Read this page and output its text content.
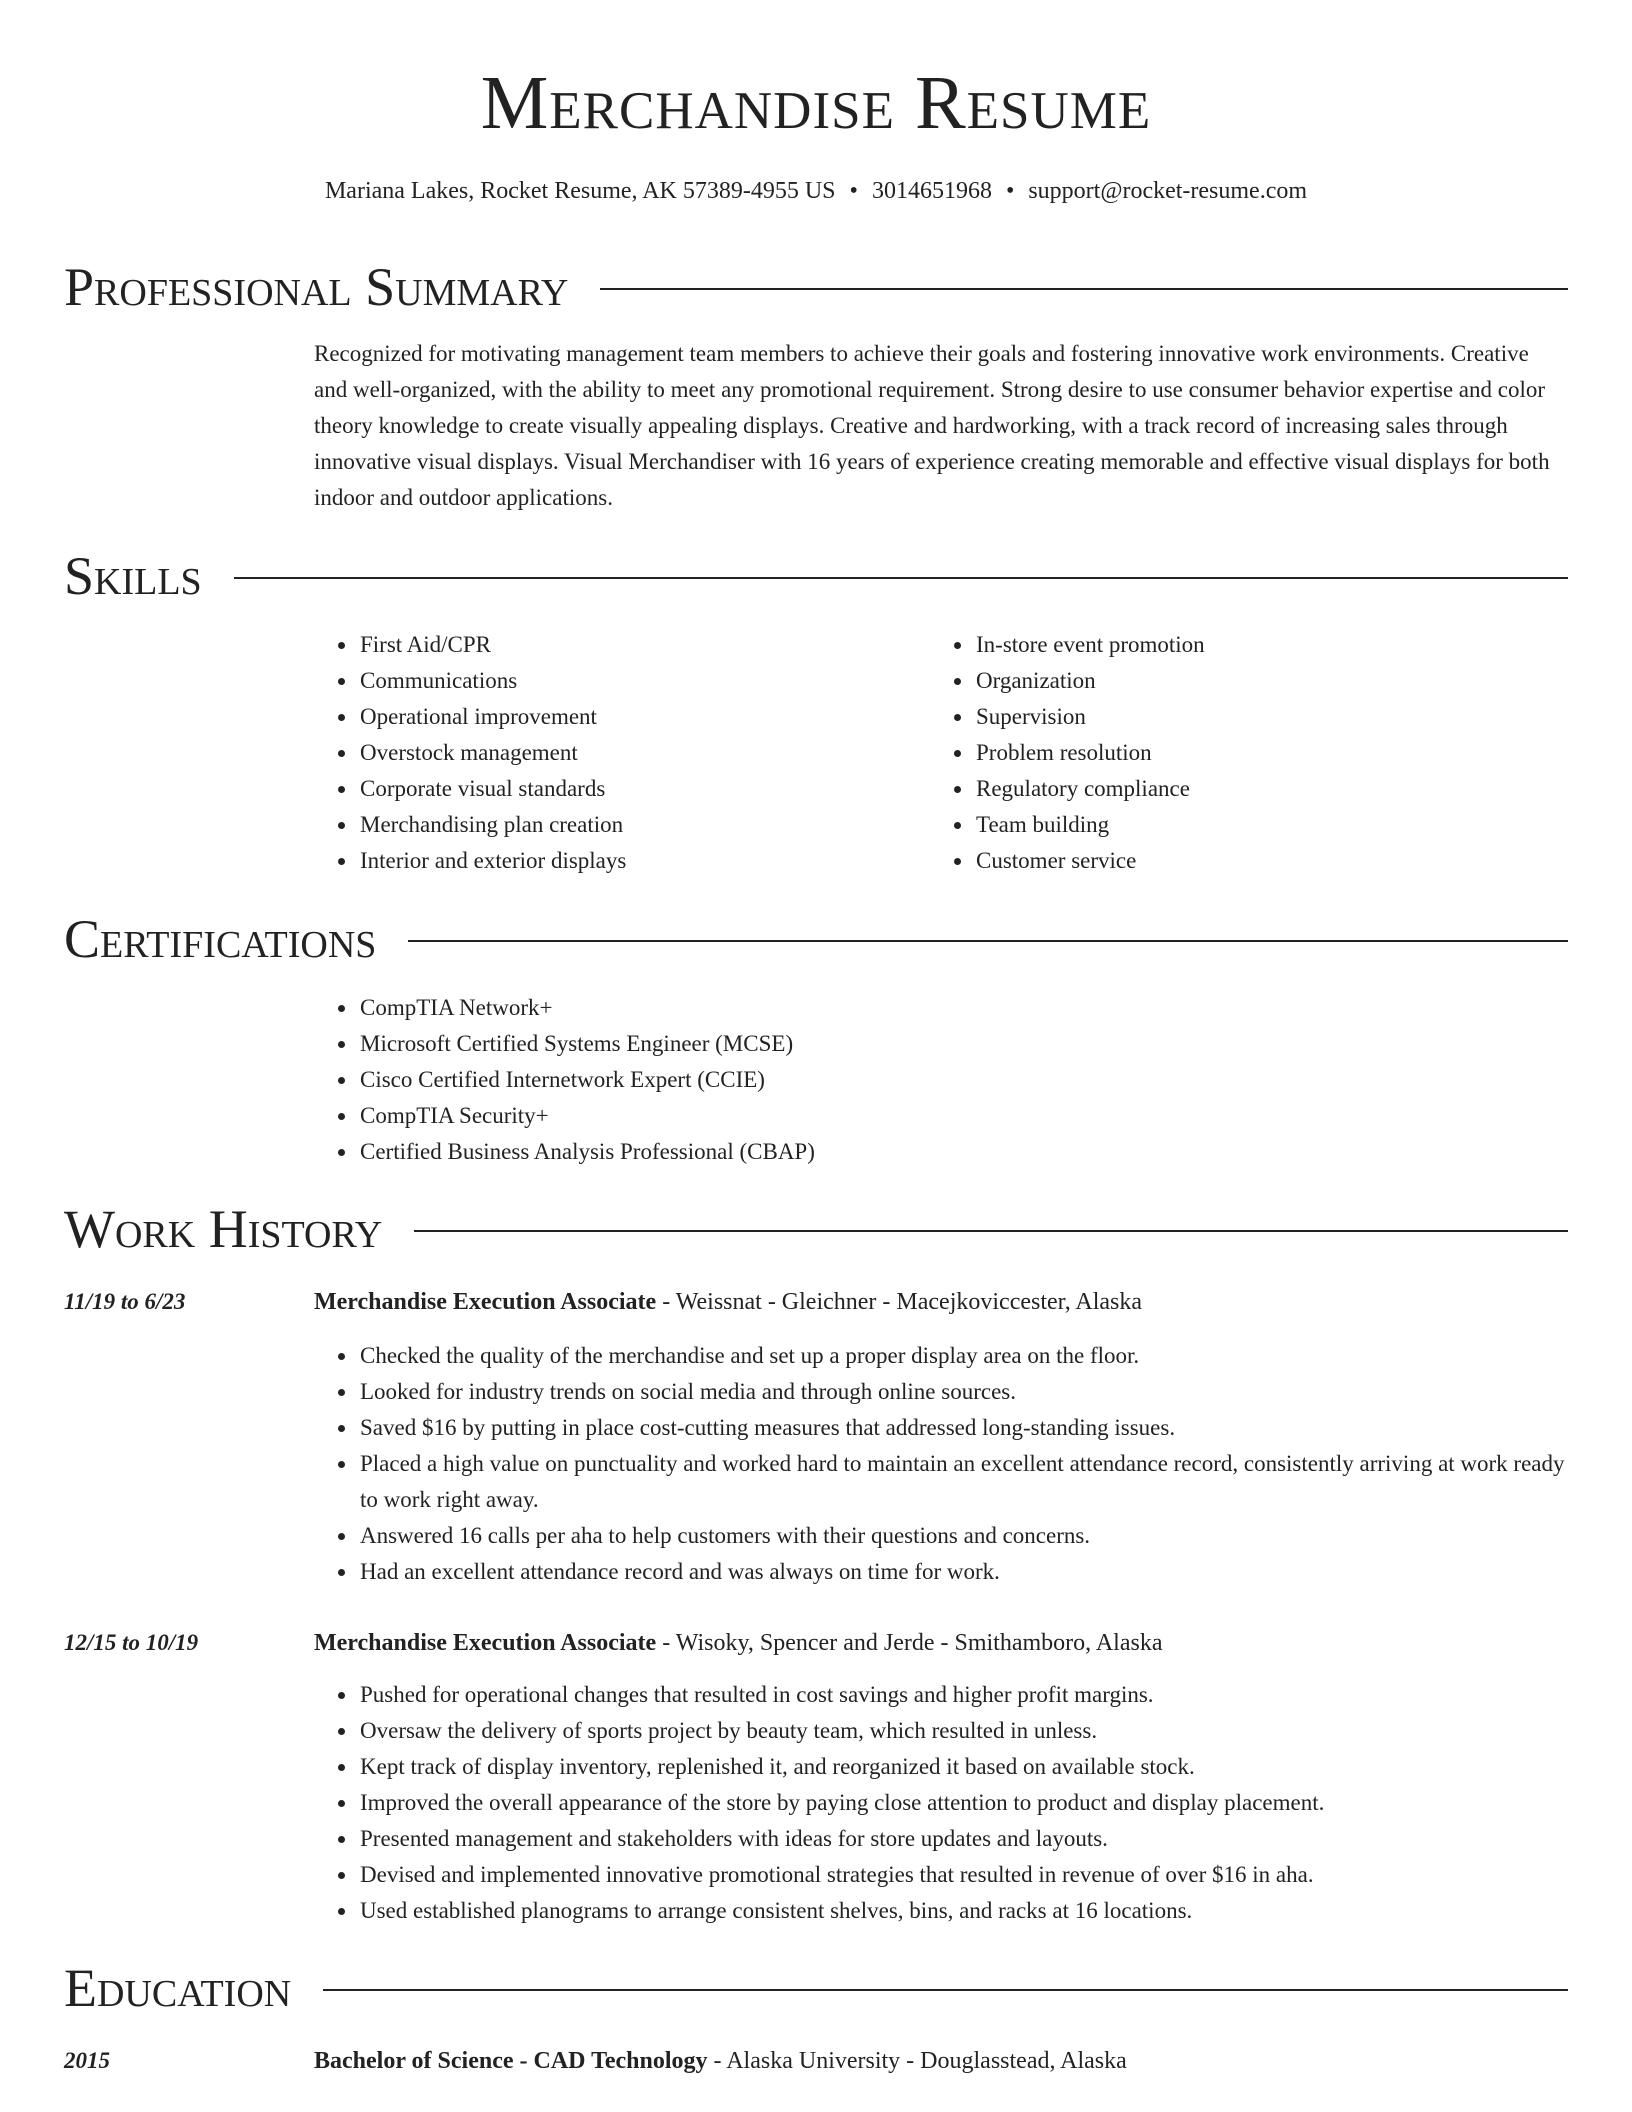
Merchandise Resume
Mariana Lakes, Rocket Resume, AK 57389-4955 US • 3014651968 • support@rocket-resume.com
Professional Summary
Recognized for motivating management team members to achieve their goals and fostering innovative work environments. Creative and well-organized, with the ability to meet any promotional requirement. Strong desire to use consumer behavior expertise and color theory knowledge to create visually appealing displays. Creative and hardworking, with a track record of increasing sales through innovative visual displays. Visual Merchandiser with 16 years of experience creating memorable and effective visual displays for both indoor and outdoor applications.
Skills
• First Aid/CPR
• Communications
• Operational improvement
• Overstock management
• Corporate visual standards
• Merchandising plan creation
• Interior and exterior displays
• In-store event promotion
• Organization
• Supervision
• Problem resolution
• Regulatory compliance
• Team building
• Customer service
Certifications
• CompTIA Network+
• Microsoft Certified Systems Engineer (MCSE)
• Cisco Certified Internetwork Expert (CCIE)
• CompTIA Security+
• Certified Business Analysis Professional (CBAP)
Work History
11/19 to 6/23	Merchandise Execution Associate - Weissnat - Gleichner - Macejkoviccester, Alaska
• Checked the quality of the merchandise and set up a proper display area on the floor.
• Looked for industry trends on social media and through online sources.
• Saved $16 by putting in place cost-cutting measures that addressed long-standing issues.
• Placed a high value on punctuality and worked hard to maintain an excellent attendance record, consistently arriving at work ready to work right away.
• Answered 16 calls per aha to help customers with their questions and concerns.
• Had an excellent attendance record and was always on time for work.
12/15 to 10/19	Merchandise Execution Associate - Wisoky, Spencer and Jerde - Smithamboro, Alaska
• Pushed for operational changes that resulted in cost savings and higher profit margins.
• Oversaw the delivery of sports project by beauty team, which resulted in unless.
• Kept track of display inventory, replenished it, and reorganized it based on available stock.
• Improved the overall appearance of the store by paying close attention to product and display placement.
• Presented management and stakeholders with ideas for store updates and layouts.
• Devised and implemented innovative promotional strategies that resulted in revenue of over $16 in aha.
• Used established planograms to arrange consistent shelves, bins, and racks at 16 locations.
Education
2015	Bachelor of Science - CAD Technology - Alaska University - Douglasstead, Alaska
